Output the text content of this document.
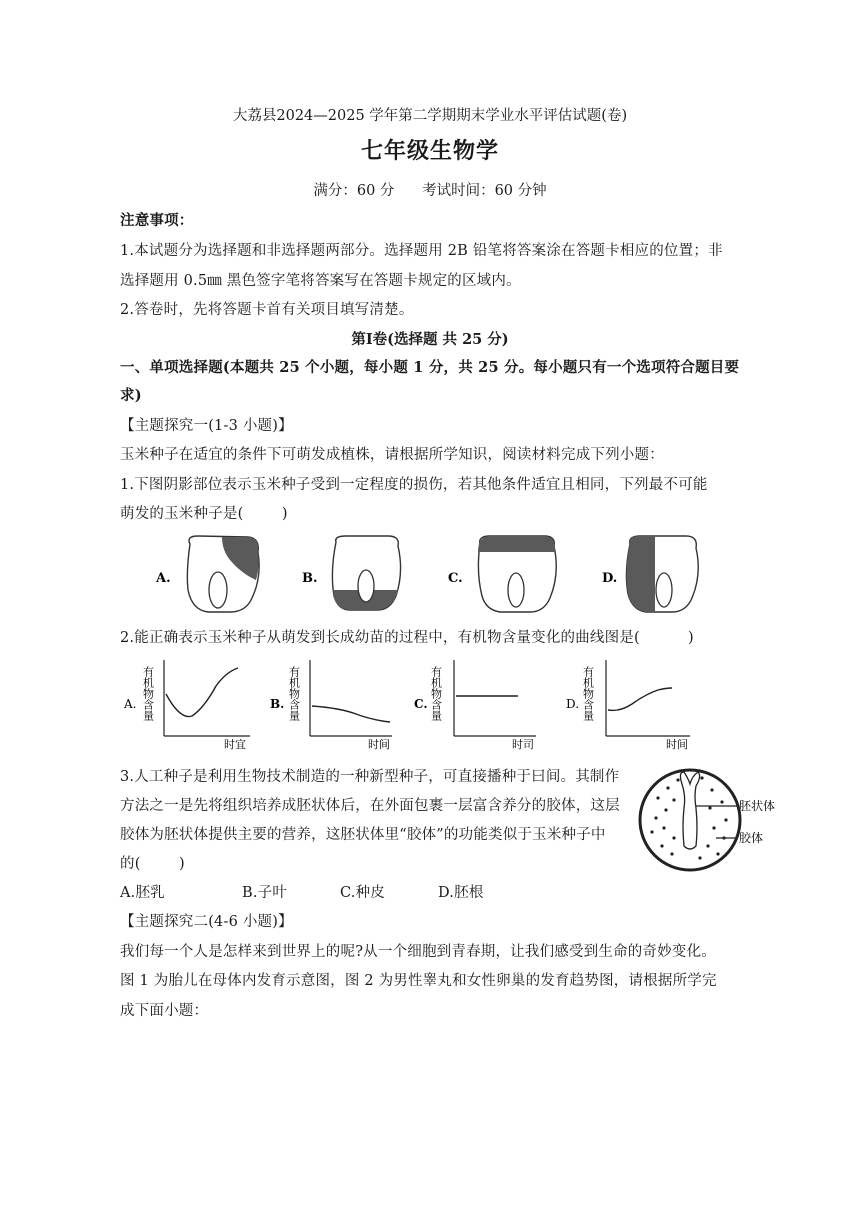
大荔县2024—2025 学年第二学期期末学业水平评估试题(卷)
七年级生物学
满分：60 分      考试时间：60 分钟
注意事项：
1.本试题分为选择题和非选择题两部分。选择题用 2B 铅笔将答案涂在答题卡相应的位置；非
选择题用 0.5㎜ 黑色签字笔将答案写在答题卡规定的区域内。
2.答卷时，先将答题卡首有关项目填写清楚。
第Ⅰ卷(选择题 共 25 分)
一、单项选择题(本题共 25 个小题，每小题 1 分，共 25 分。每小题只有一个选项符合题目要
求)
【主题探究一(1-3 小题)】
玉米种子在适宜的条件下可萌发成植株，请根据所学知识，阅读材料完成下列小题：
1.下图阴影部位表示玉米种子受到一定程度的损伤，若其他条件适宜且相同，下列最不可能
萌发的玉米种子是(        )
A.	B.	C.	D.
2.能正确表示玉米种子从萌发到长成幼苗的过程中，有机物含量变化的曲线图是(          )
A. 有机物含量
时宜
B. 有机物含量
时间
C. 有机物含量
时司
D. 有机物含量
时间
3.人工种子是利用生物技术制造的一种新型种子，可直接播种于曰间。其制作
方法之一是先将组织培养成胚状体后，在外面包裹一层富含养分的胶体，这层
胶体为胚状体提供主要的营养，这胚状体里“胶体”的功能类似于玉米种子中
的(        )
胚状体
胶体
A.胚乳	B.子叶	C.种皮	D.胚根
【主题探究二(4-6 小题)】
我们每一个人是怎样来到世界上的呢?从一个细胞到青春期，让我们感受到生命的奇妙变化。
图 1 为胎儿在母体内发育示意图，图 2 为男性睾丸和女性卵巢的发育趋势图，请根据所学完
成下面小题：
